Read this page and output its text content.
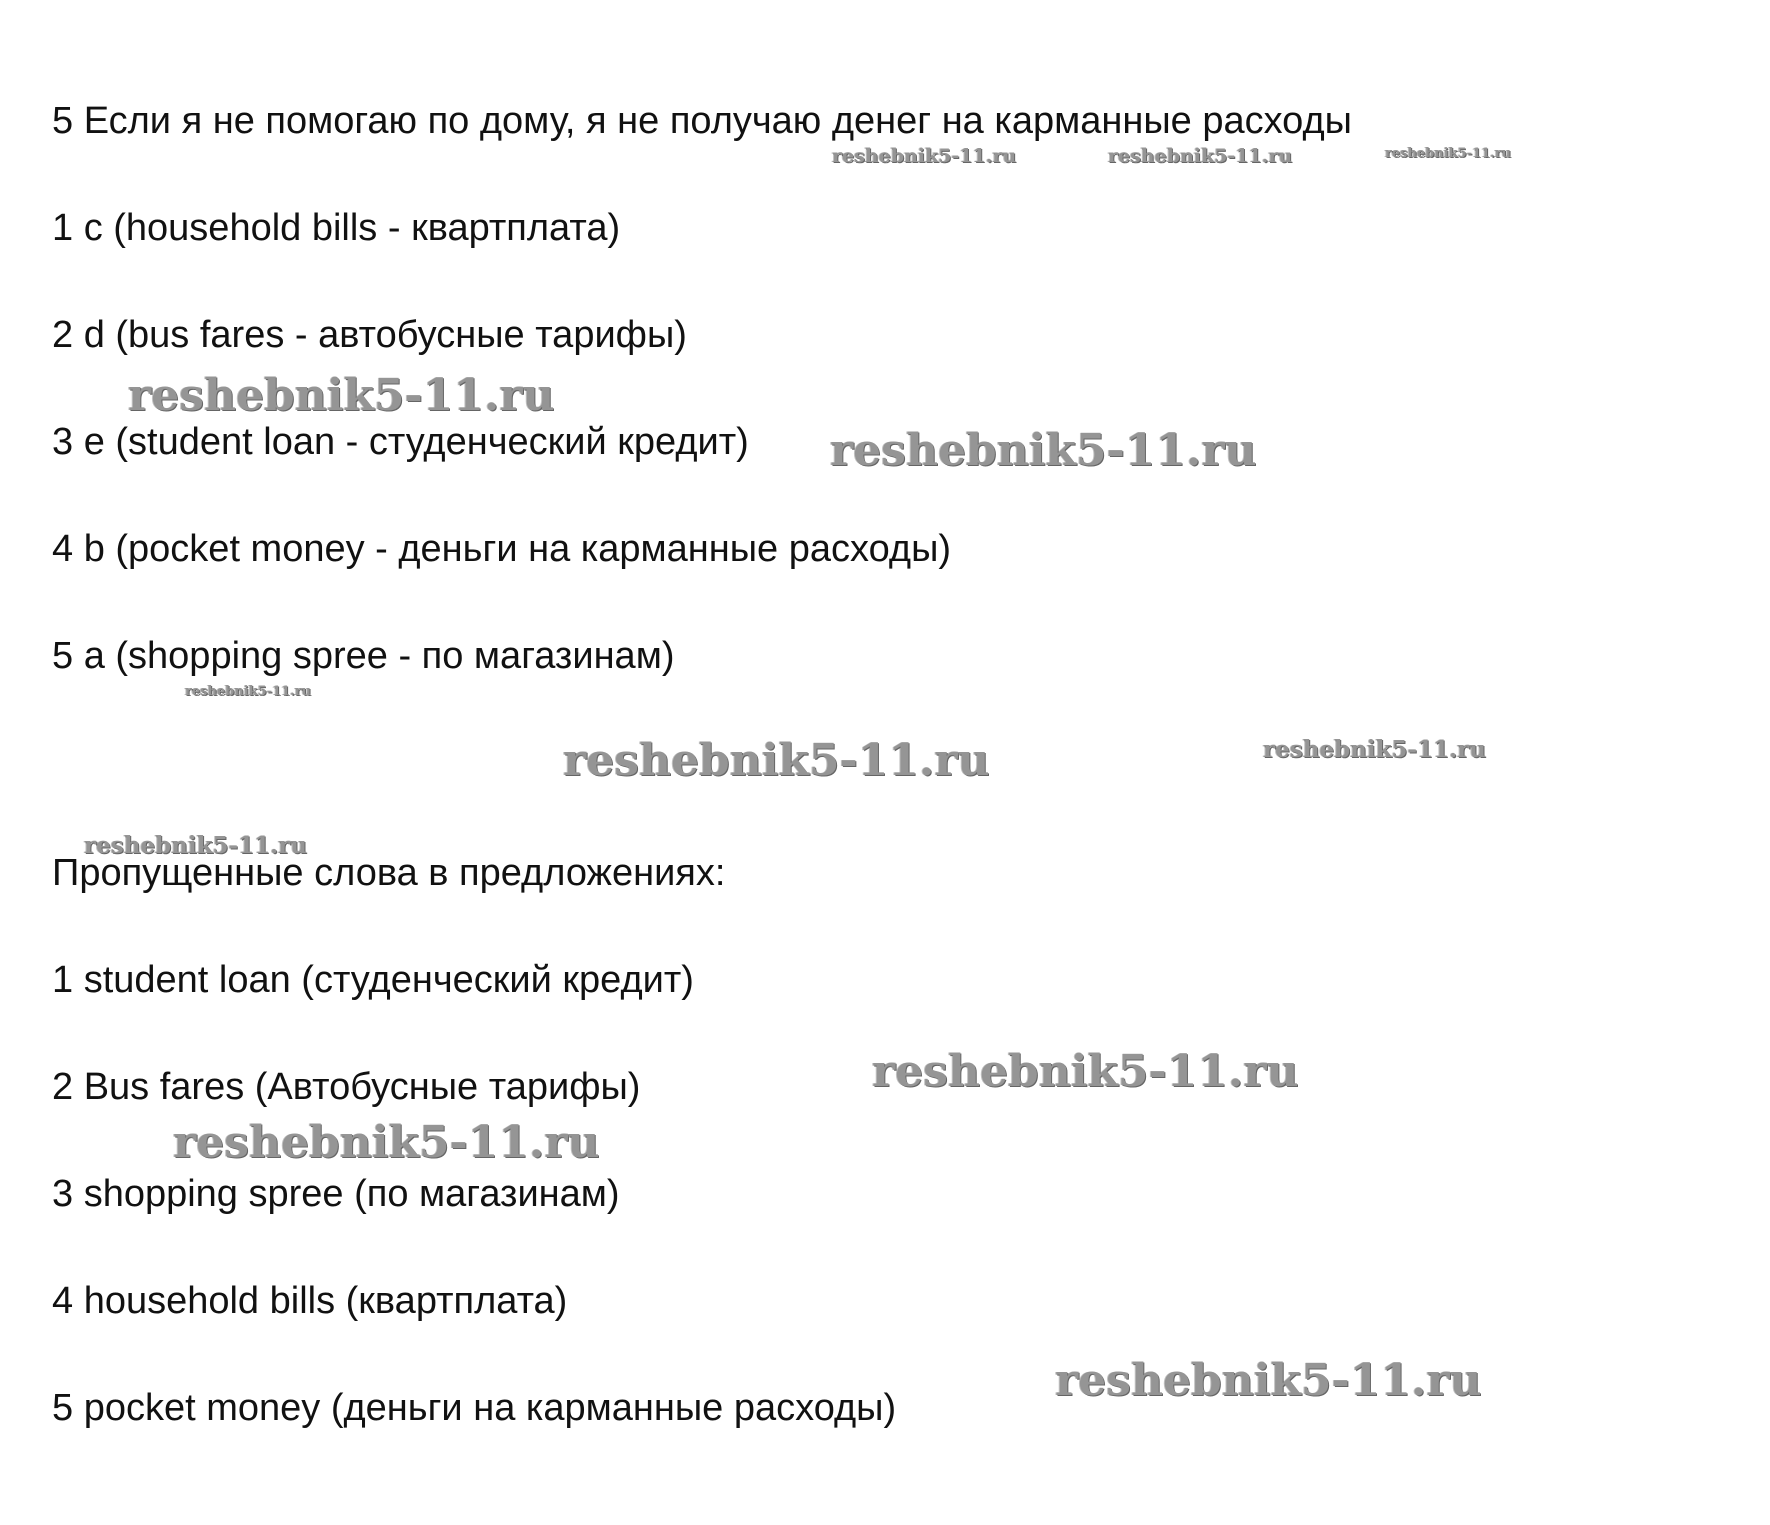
5 Если я не помогаю по дому, я не получаю денег на карманные расходы
1 c (household bills - квартплата)
2 d (bus fares - автобусные тарифы)
3 e (student loan - студенческий кредит)
4 b (pocket money - деньги на карманные расходы)
5 a (shopping spree - по магазинам)
Пропущенные слова в предложениях:
1 student loan (студенческий кредит)
2 Bus fares (Автобусные тарифы)
3 shopping spree (по магазинам)
4 household bills (квартплата)
5 pocket money (деньги на карманные расходы)
reshebnik5-11.ru	reshebnik5-11.ru	reshebnik5-11.ru
reshebnik5-11.ru
reshebnik5-11.ru
reshebnik5-11.ru
reshebnik5-11.ru	reshebnik5-11.ru
reshebnik5-11.ru
reshebnik5-11.ru
reshebnik5-11.ru
reshebnik5-11.ru
